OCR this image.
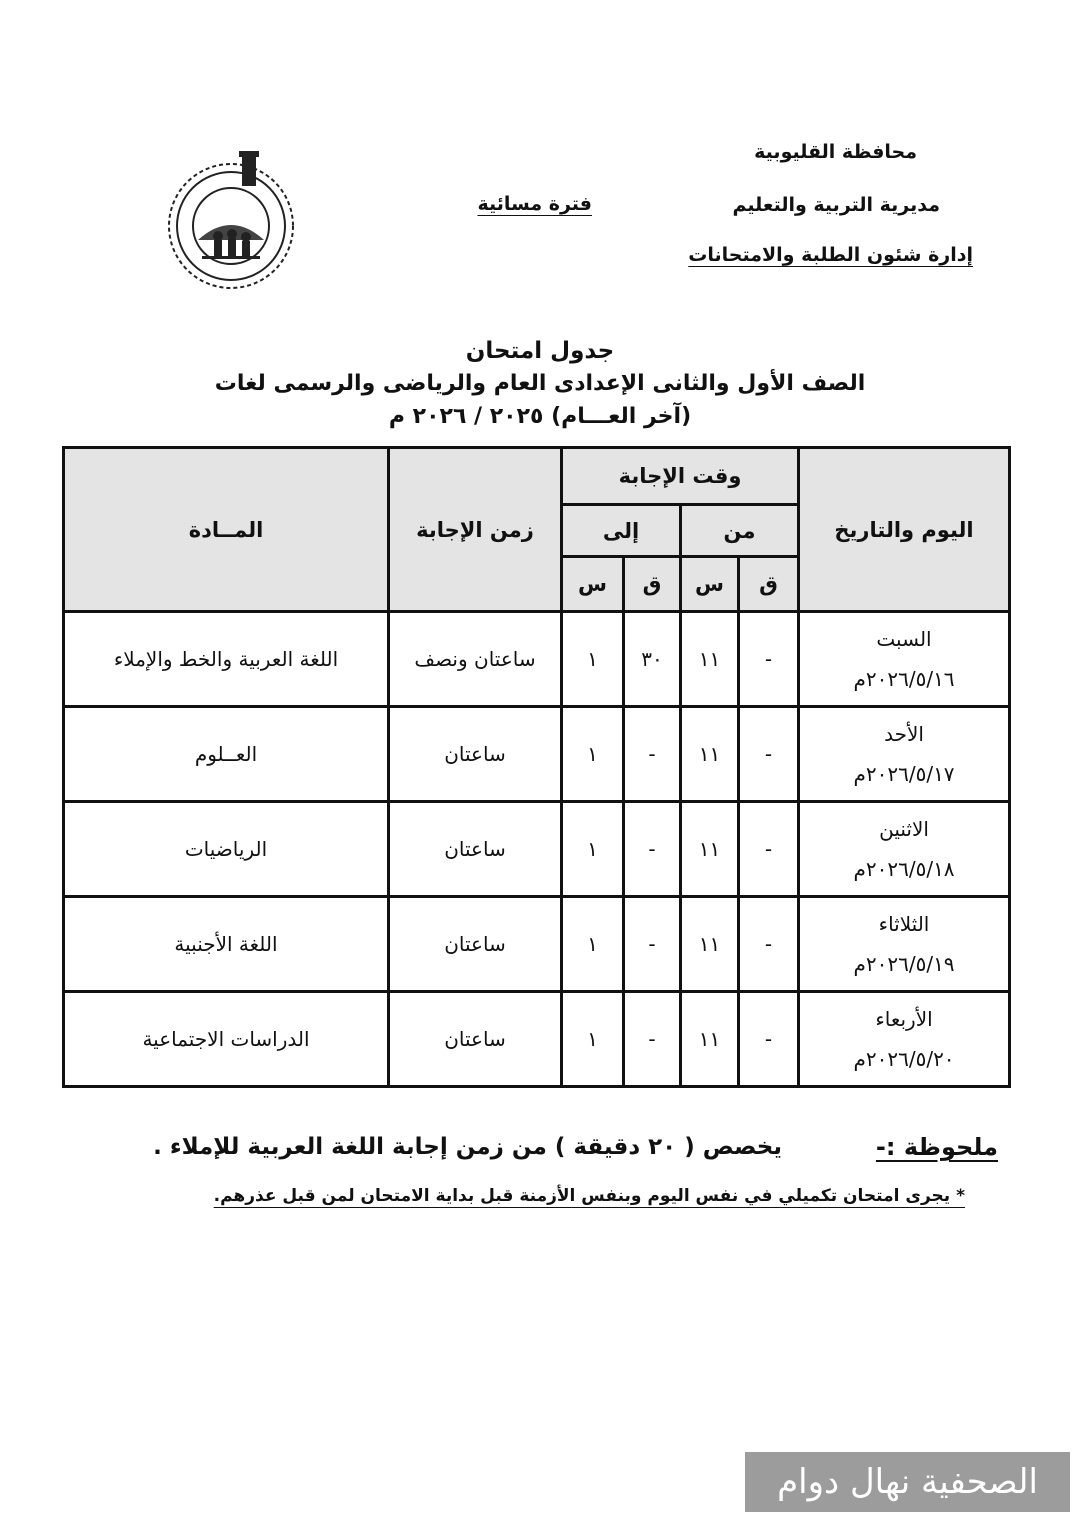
محافظة القليوبية
مديرية التربية والتعليم
إدارة شئون الطلبة والامتحانات
فترة مسائية
جدول امتحان
الصف الأول والثانى الإعدادى العام والرياضى والرسمى لغات
(آخر العـــام) ٢٠٢٥ / ٢٠٢٦ م
المــادة	زمن الإجابة	وقت الإجابة				اليوم والتاريخ
		إلى		من		
		س	ق	س	ق	
اللغة العربية والخط والإملاء	ساعتان ونصف	١	٣٠	١١	-	السبت
٢٠٢٦/٥/١٦م

العــلوم	ساعتان	١	-	١١	-	الأحد
٢٠٢٦/٥/١٧م

الرياضيات	ساعتان	١	-	١١	-	الاثنين
٢٠٢٦/٥/١٨م

اللغة الأجنبية	ساعتان	١	-	١١	-	الثلاثاء
٢٠٢٦/٥/١٩م

الدراسات الاجتماعية	ساعتان	١	-	١١	-	الأربعاء
٢٠٢٦/٥/٢٠م
ملحوظة :-
يخصص ( ٢٠ دقيقة ) من زمن إجابة اللغة العربية للإملاء .
* يجرى امتحان تكميلي في نفس اليوم وبنفس الأزمنة قبل بداية الامتحان لمن قبل عذرهم.
الصحفية نهال دوام
